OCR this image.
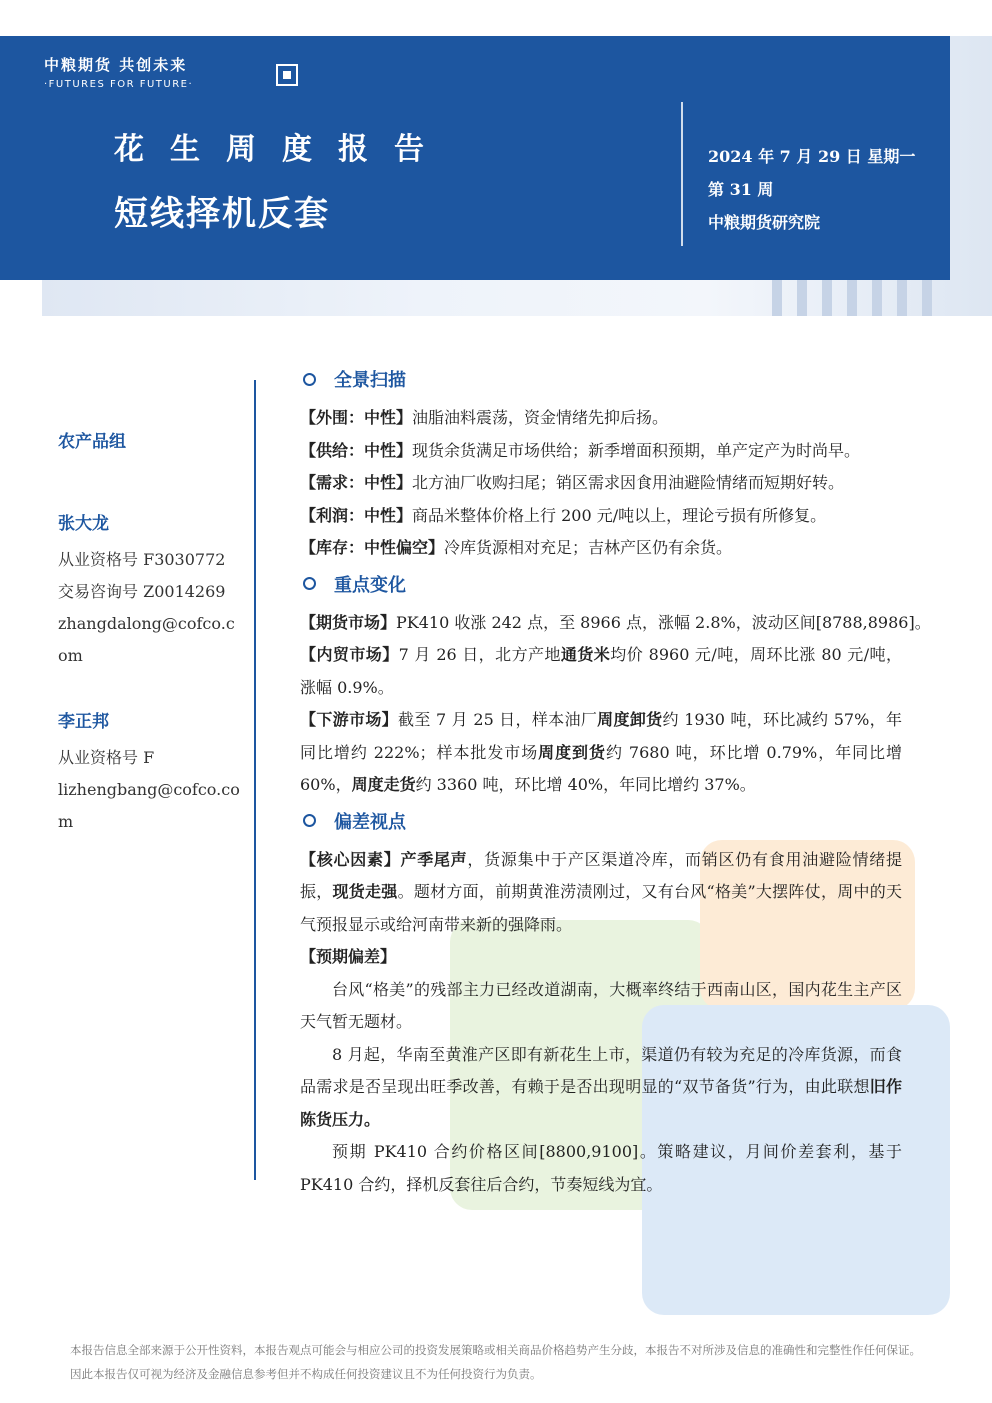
中粮期货 共创未来
·FUTURES FOR FUTURE·
花生周度报告
短线择机反套
2024 年 7 月 29 日 星期一
第 31 周
中粮期货研究院
农产品组
张大龙
从业资格号 F3030772
交易咨询号 Z0014269
zhangdalong@cofco.c
om
李正邦
从业资格号 F
lizhengbang@cofco.co
m
全景扫描
【外围：中性】油脂油料震荡，资金情绪先抑后扬。
【供给：中性】现货余货满足市场供给；新季增面积预期，单产定产为时尚早。
【需求：中性】北方油厂收购扫尾；销区需求因食用油避险情绪而短期好转。
【利润：中性】商品米整体价格上行 200 元/吨以上，理论亏损有所修复。
【库存：中性偏空】冷库货源相对充足；吉林产区仍有余货。
重点变化
【期货市场】PK410 收涨 242 点，至 8966 点，涨幅 2.8%，波动区间[8788,8986]。
【内贸市场】7 月 26 日，北方产地通货米均价 8960 元/吨，周环比涨 80 元/吨，涨幅 0.9%。
【下游市场】截至 7 月 25 日，样本油厂周度卸货约 1930 吨，环比减约 57%，年同比增约 222%；样本批发市场周度到货约 7680 吨，环比增 0.79%，年同比增 60%，周度走货约 3360 吨，环比增 40%，年同比增约 37%。
偏差视点
【核心因素】产季尾声，货源集中于产区渠道冷库，而销区仍有食用油避险情绪提振，现货走强。题材方面，前期黄淮涝渍刚过，又有台风“格美”大摆阵仗，周中的天气预报显示或给河南带来新的强降雨。
【预期偏差】
台风“格美”的残部主力已经改道湖南，大概率终结于西南山区，国内花生主产区天气暂无题材。
8 月起，华南至黄淮产区即有新花生上市，渠道仍有较为充足的冷库货源，而食品需求是否呈现出旺季改善，有赖于是否出现明显的“双节备货”行为，由此联想旧作陈货压力。
预期 PK410 合约价格区间[8800,9100]。策略建议，月间价差套利，基于 PK410 合约，择机反套往后合约，节奏短线为宜。
本报告信息全部来源于公开性资料，本报告观点可能会与相应公司的投资发展策略或相关商品价格趋势产生分歧，本报告不对所涉及信息的准确性和完整性作任何保证。因此本报告仅可视为经济及金融信息参考但并不构成任何投资建议且不为任何投资行为负责。
